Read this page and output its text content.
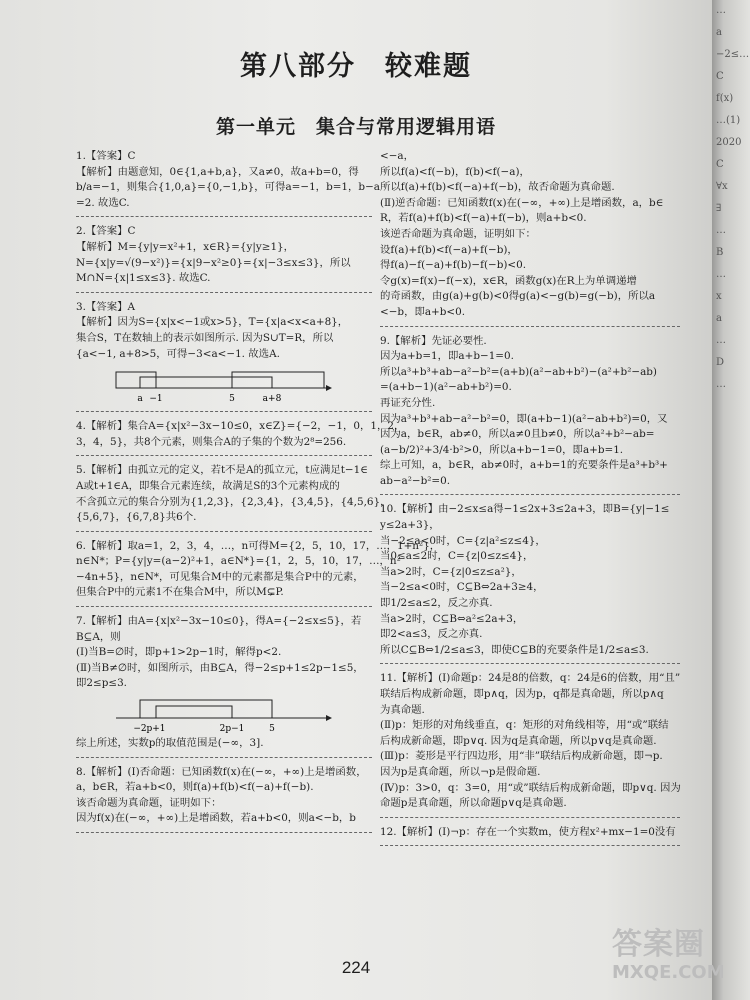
第八部分　较难题
第一单元　集合与常用逻辑用语
1.【答案】C
【解析】由题意知，0∈{1,a+b,a}，又a≠0，故a+b=0，得
b/a=−1，则集合{1,0,a}={0,−1,b}，可得a=−1，b=1，b−a
=2. 故选C.
2.【答案】C
【解析】M={y|y=x²+1，x∈R}={y|y≥1}，
N={x|y=√(9−x²)}={x|9−x²≥0}={x|−3≤x≤3}，所以
M∩N={x|1≤x≤3}. 故选C.
3.【答案】A
【解析】因为S={x|x<−1或x>5}，T={x|a<x<a+8}，
集合S，T在数轴上的表示如图所示. 因为S∪T=R，所以
{a<−1, a+8>5，可得−3<a<−1. 故选A.
a −1	5	a+8
4.【解析】集合A={x|x²−3x−10≤0，x∈Z}={−2，−1，0，1，2，
3，4，5}，共8个元素，则集合A的子集的个数为2⁸=256.
5.【解析】由孤立元的定义，若t不是A的孤立元，t应满足t−1∈
A或t+1∈A，即集合元素连续，故满足S的3个元素构成的
不含孤立元的集合分别为{1,2,3}，{2,3,4}，{3,4,5}，{4,5,6}，
{5,6,7}，{6,7,8}共6个.
6.【解析】取a=1，2，3，4，…，n可得M={2，5，10，17，…，1+n²}，
n∈N*；P={y|y=(a−2)²+1，a∈N*}={1，2，5，10，17，…，n²
−4n+5}，n∈N*，可见集合M中的元素都是集合P中的元素，
但集合P中的元素1不在集合M中，所以M⊊P.
7.【解析】由A={x|x²−3x−10≤0}，得A={−2≤x≤5}，若
B⊆A，则
(Ⅰ)当B=∅时，即p+1>2p−1时，解得p<2.
(Ⅱ)当B≠∅时，如图所示，由B⊆A，得−2≤p+1≤2p−1≤5，
即2≤p≤3.
−2 p+1	2p−1	5
综上所述，实数p的取值范围是(−∞，3].
8.【解析】(Ⅰ)否命题：已知函数f(x)在(−∞，+∞)上是增函数，
a，b∈R，若a+b<0，则f(a)+f(b)<f(−a)+f(−b).
该否命题为真命题，证明如下：
因为f(x)在(−∞，+∞)上是增函数，若a+b<0，则a<−b，b
<−a，
所以f(a)<f(−b)，f(b)<f(−a)，
所以f(a)+f(b)<f(−a)+f(−b)，故否命题为真命题.
(Ⅱ)逆否命题：已知函数f(x)在(−∞，+∞)上是增函数，a，b∈
R，若f(a)+f(b)<f(−a)+f(−b)，则a+b<0.
该逆否命题为真命题，证明如下：
设f(a)+f(b)<f(−a)+f(−b)，
得f(a)−f(−a)+f(b)−f(−b)<0.
令g(x)=f(x)−f(−x)，x∈R，函数g(x)在R上为单调递增
的奇函数，由g(a)+g(b)<0得g(a)<−g(b)=g(−b)，所以a
<−b，即a+b<0.
9.【解析】先证必要性.
因为a+b=1，即a+b−1=0.
所以a³+b³+ab−a²−b²=(a+b)(a²−ab+b²)−(a²+b²−ab)
=(a+b−1)(a²−ab+b²)=0.
再证充分性.
因为a³+b³+ab−a²−b²=0，即(a+b−1)(a²−ab+b²)=0，又
因为a，b∈R，ab≠0，所以a≠0且b≠0，所以a²+b²−ab=
(a−b/2)²+3/4·b²>0，所以a+b−1=0，即a+b=1.
综上可知，a，b∈R，ab≠0时，a+b=1的充要条件是a³+b³+
ab−a²−b²=0.
10.【解析】由−2≤x≤a得−1≤2x+3≤2a+3，即B={y|−1≤
y≤2a+3}，
当−2≤a<0时，C={z|a²≤z≤4}，
当0≤a≤2时，C={z|0≤z≤4}，
当a>2时，C={z|0≤z≤a²}，
当−2≤a<0时，C⊆B⇔2a+3≥4，
即1/2≤a≤2，反之亦真.
当a>2时，C⊆B⇔a²≤2a+3，
即2<a≤3，反之亦真.
所以C⊆B⇔1/2≤a≤3，即使C⊆B的充要条件是1/2≤a≤3.
11.【解析】(Ⅰ)命题p：24是8的倍数，q：24是6的倍数，用“且”
联结后构成新命题，即p∧q，因为p，q都是真命题，所以p∧q
为真命题.
(Ⅱ)p：矩形的对角线垂直，q：矩形的对角线相等，用“或”联结
后构成新命题，即p∨q. 因为q是真命题，所以p∨q是真命题.
(Ⅲ)p：菱形是平行四边形，用“非”联结后构成新命题，即¬p.
因为p是真命题，所以¬p是假命题.
(Ⅳ)p：3>0，q：3=0，用“或”联结后构成新命题，即p∨q. 因为
命题p是真命题，所以命题p∨q是真命题.
12.【解析】(Ⅰ)¬p：存在一个实数m，使方程x²+mx−1=0没有
224
…
a
−2≤…
C
f(x)
…(1)
2020
C
∀x
∃
…
B
…
x
a
…
D
…
答案圈
MXQE.COM
